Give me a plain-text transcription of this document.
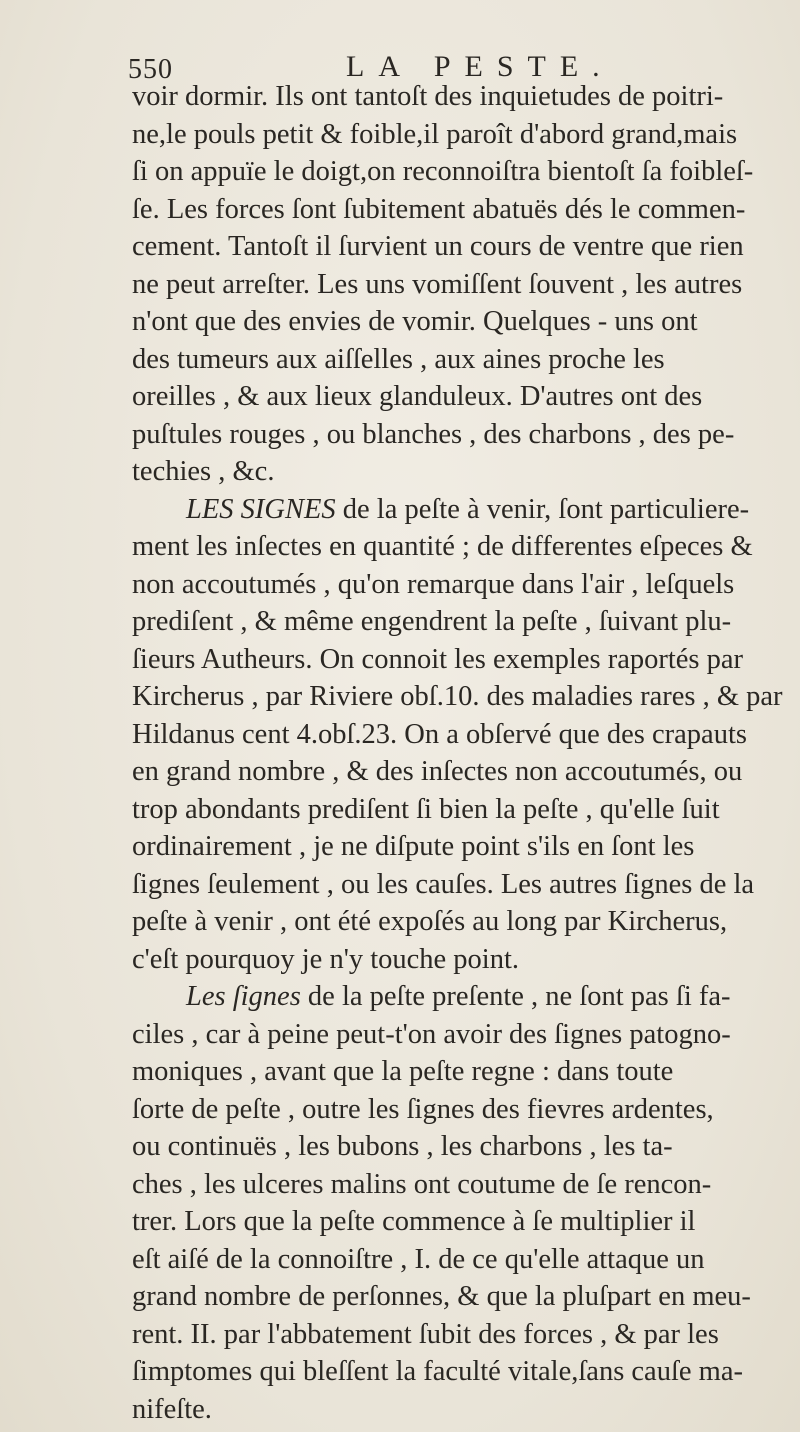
550	LA PESTE.
voir dormir. Ils ont tantoſt des inquietudes de poitri-
ne,le pouls petit & foible,il paroît d'abord grand,mais
ſi on appuïe le doigt,on reconnoiſtra bientoſt ſa foibleſ-
ſe. Les forces ſont ſubitement abatuës dés le commen-
cement. Tantoſt il ſurvient un cours de ventre que rien
ne peut arreſter. Les uns vomiſſent ſouvent , les autres
n'ont que des envies de vomir. Quelques - uns ont
des tumeurs aux aiſſelles , aux aines proche les
oreilles , & aux lieux glanduleux. D'autres ont des
puſtules rouges , ou blanches , des charbons , des pe-
techies , &c.
LES SIGNES de la peſte à venir, ſont particuliere-
ment les inſectes en quantité ; de differentes eſpeces &
non accoutumés , qu'on remarque dans l'air , leſquels
prediſent , & même engendrent la peſte , ſuivant plu-
ſieurs Autheurs. On connoit les exemples raportés par
Kircherus , par Riviere obſ.10. des maladies rares , & par
Hildanus cent 4.obſ.23. On a obſervé que des crapauts
en grand nombre , & des inſectes non accoutumés, ou
trop abondants prediſent ſi bien la peſte , qu'elle ſuit
ordinairement , je ne diſpute point s'ils en ſont les
ſignes ſeulement , ou les cauſes. Les autres ſignes de la
peſte à venir , ont été expoſés au long par Kircherus,
c'eſt pourquoy je n'y touche point.
Les ſignes de la peſte preſente , ne ſont pas ſi fa-
ciles , car à peine peut-t'on avoir des ſignes patogno-
moniques , avant que la peſte regne : dans toute
ſorte de peſte , outre les ſignes des fievres ardentes,
ou continuës , les bubons , les charbons , les ta-
ches , les ulceres malins ont coutume de ſe rencon-
trer. Lors que la peſte commence à ſe multiplier il
eſt aiſé de la connoiſtre , I. de ce qu'elle attaque un
grand nombre de perſonnes, & que la pluſpart en meu-
rent. II. par l'abbatement ſubit des forces , & par les
ſimptomes qui bleſſent la faculté vitale,ſans cauſe ma-
nifeſte.
